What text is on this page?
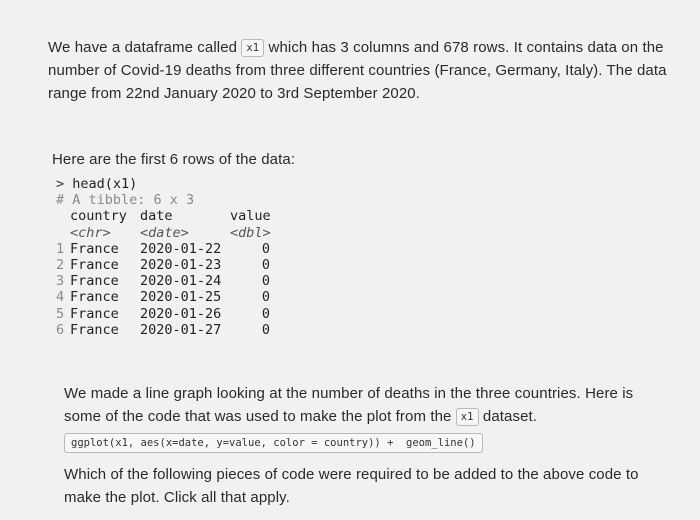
We have a dataframe called x1 which has 3 columns and 678 rows. It contains data on the number of Covid-19 deaths from three different countries (France, Germany, Italy). The data range from 22nd January 2020 to 3rd September 2020.

Here are the first 6 rows of the data:

> head(x1)
# A tibble: 6 x 3
country date	value
<chr> <date>	<dbl>
1 France 2020-01-22	0
2 France 2020-01-23	0
3 France 2020-01-24	0
4 France 2020-01-25	0
5 France 2020-01-26	0
6 France 2020-01-27	0

We made a line graph looking at the number of deaths in the three countries. Here is some of the code that was used to make the plot from the x1 dataset.

ggplot(x1, aes(x=date, y=value, color = country)) +  geom_line()

Which of the following pieces of code were required to be added to the above code to make the plot. Click all that apply.
